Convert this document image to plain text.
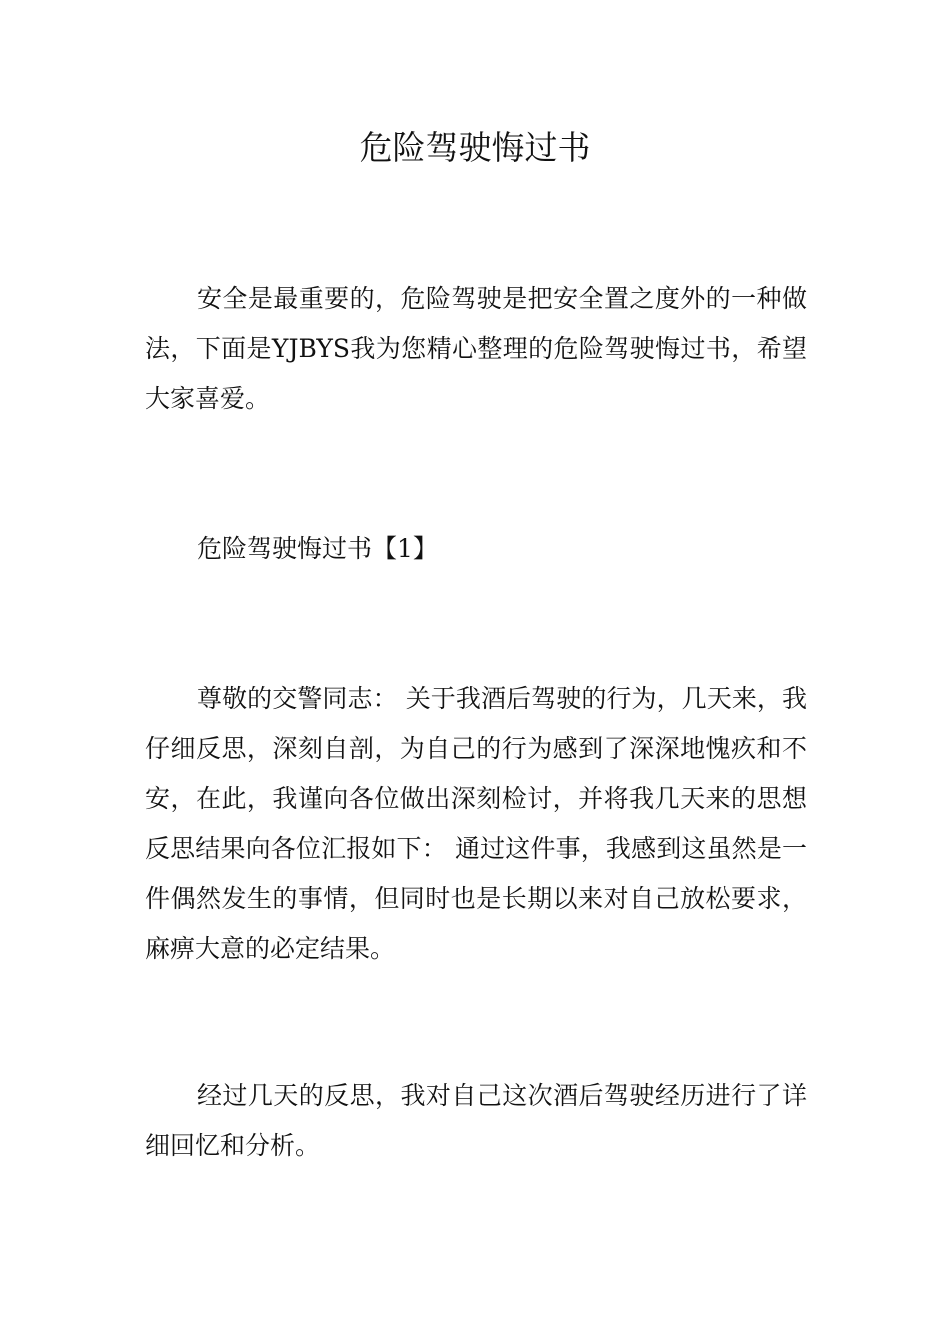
危险驾驶悔过书

安全是最重要的，危险驾驶是把安全置之度外的一种做法，下面是YJBYS我为您精心整理的危险驾驶悔过书，希望大家喜爱。

危险驾驶悔过书【1】

尊敬的交警同志： 关于我酒后驾驶的行为，几天来，我仔细反思，深刻自剖，为自己的行为感到了深深地愧疚和不安，在此，我谨向各位做出深刻检讨，并将我几天来的思想反思结果向各位汇报如下： 通过这件事，我感到这虽然是一件偶然发生的事情，但同时也是长期以来对自己放松要求，麻痹大意的必定结果。

经过几天的反思，我对自己这次酒后驾驶经历进行了详细回忆和分析。
